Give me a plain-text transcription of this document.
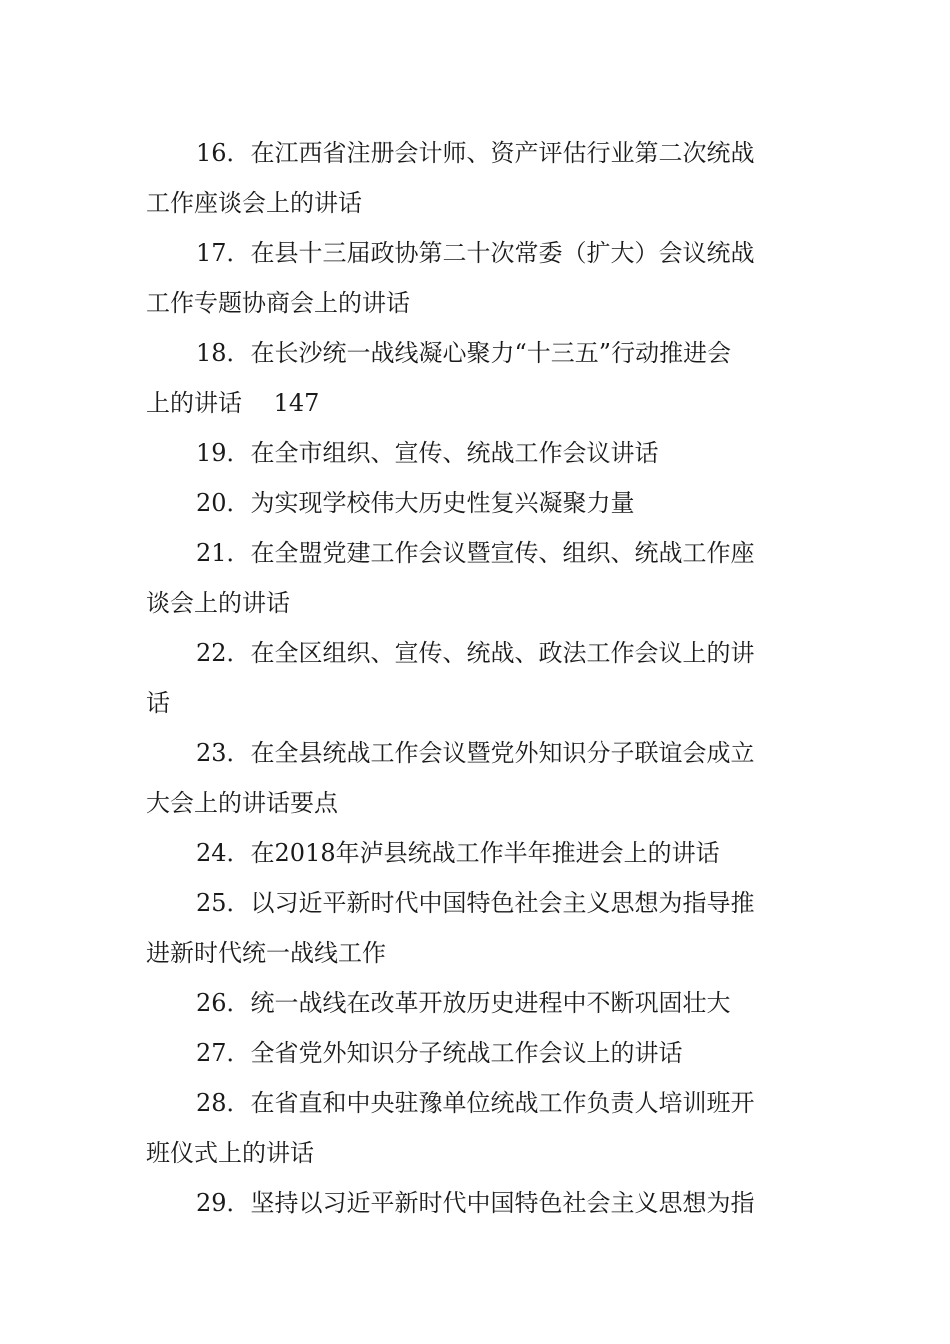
16．在江西省注册会计师、资产评估行业第二次统战
工作座谈会上的讲话
17．在县十三届政协第二十次常委（扩大）会议统战
工作专题协商会上的讲话
18．在长沙统一战线凝心聚力“十三五”行动推进会
上的讲话　 147
19．在全市组织、宣传、统战工作会议讲话
20．为实现学校伟大历史性复兴凝聚力量
21．在全盟党建工作会议暨宣传、组织、统战工作座
谈会上的讲话
22．在全区组织、宣传、统战、政法工作会议上的讲
话
23．在全县统战工作会议暨党外知识分子联谊会成立
大会上的讲话要点
24．在2018年泸县统战工作半年推进会上的讲话
25．以习近平新时代中国特色社会主义思想为指导推
进新时代统一战线工作
26．统一战线在改革开放历史进程中不断巩固壮大
27．全省党外知识分子统战工作会议上的讲话
28．在省直和中央驻豫单位统战工作负责人培训班开
班仪式上的讲话
29．坚持以习近平新时代中国特色社会主义思想为指
